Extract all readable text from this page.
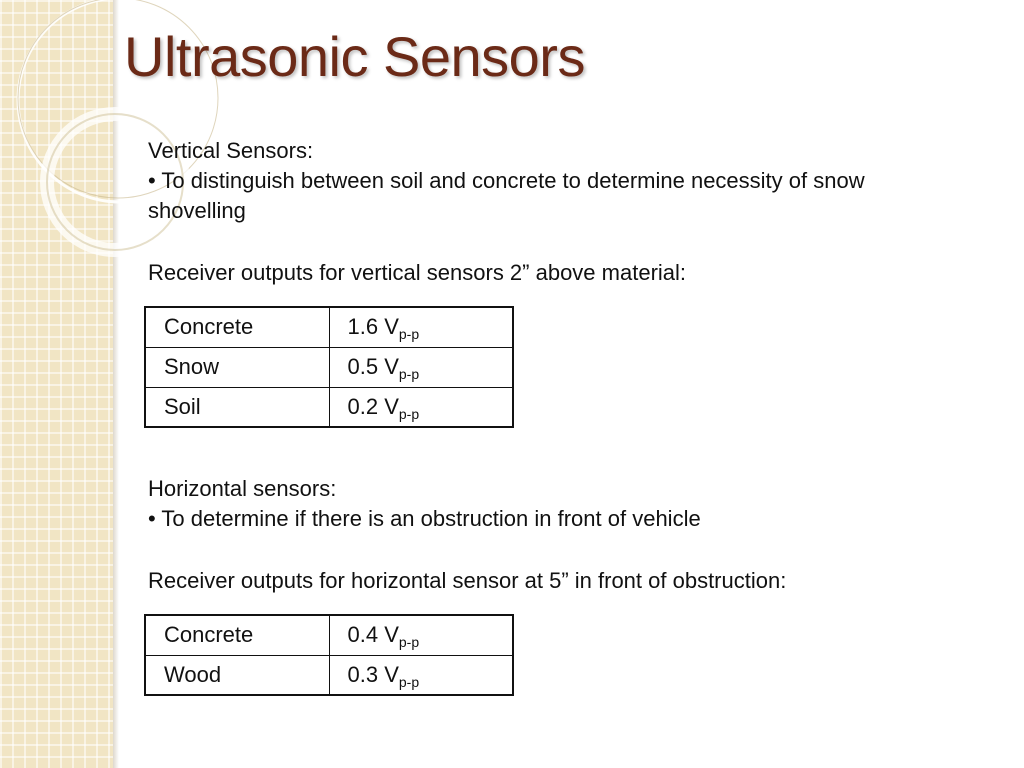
Ultrasonic Sensors
Vertical Sensors:
• To distinguish between soil and concrete to determine necessity of snow
shovelling
Receiver outputs for vertical sensors 2” above material:
Concrete	1.6 $V_{p-p}$
Snow	0.5 $V_{p-p}$
Soil	0.2 $V_{p-p}$
Horizontal sensors:
• To determine if there is an obstruction in front of vehicle
Receiver outputs for horizontal sensor at 5” in front of obstruction:
Concrete	0.4 $V_{p-p}$
Wood	0.3 $V_{p-p}$
